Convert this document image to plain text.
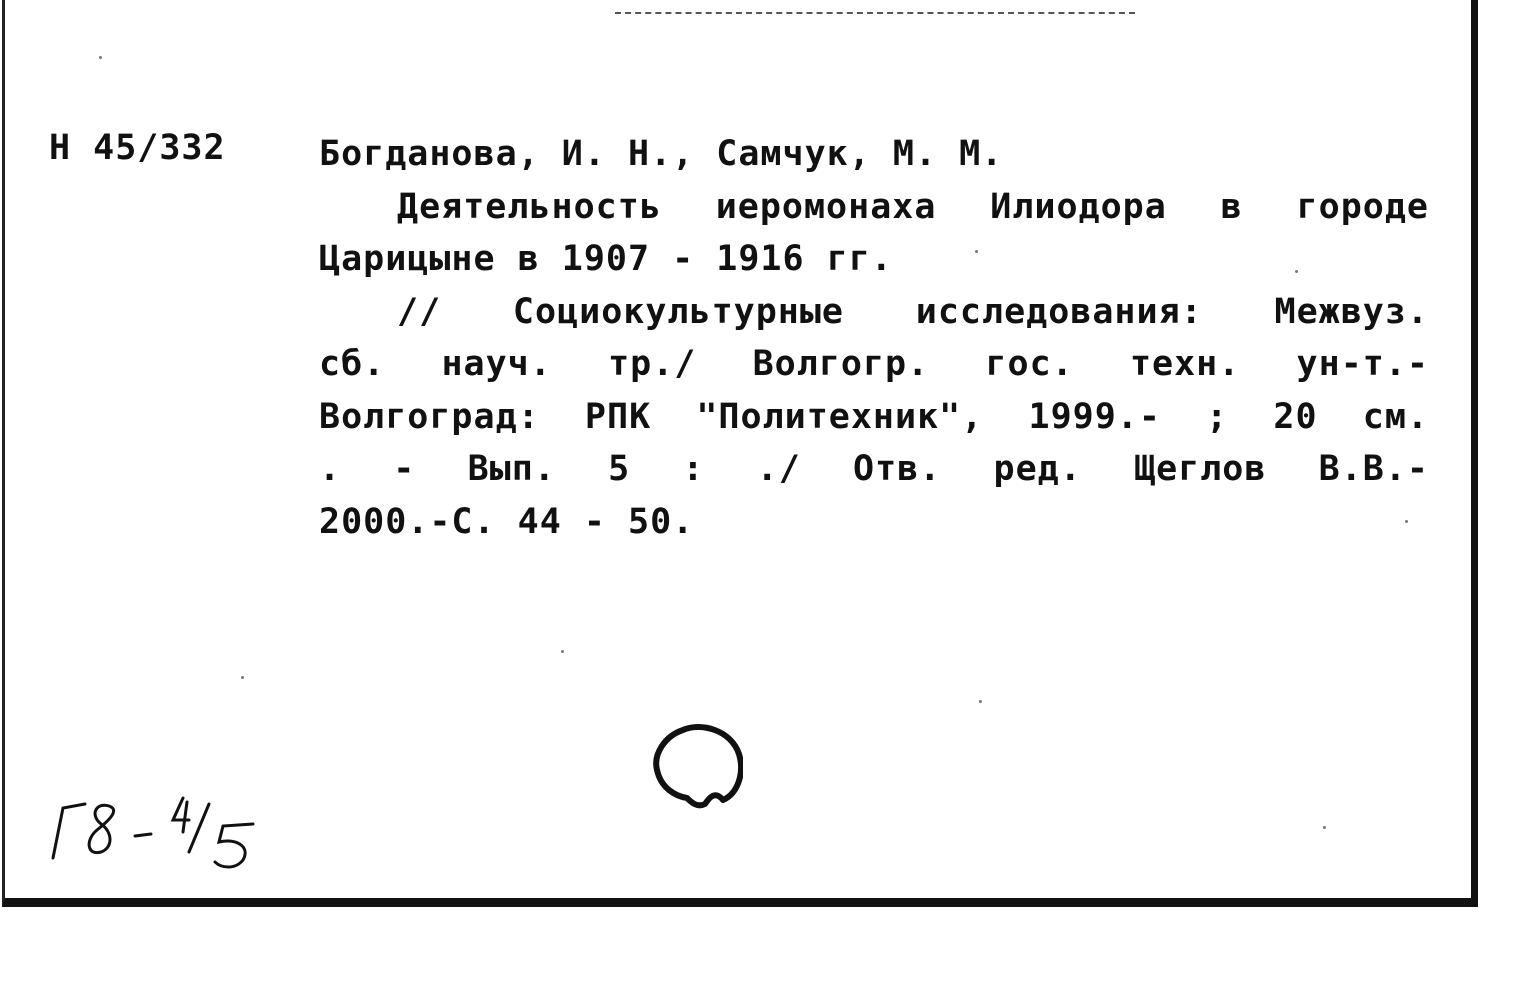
Н 45/332	Богданова, И. Н., Самчук, М. М.
Деятельность иеромонаха Илиодора в городе
Царицыне в 1907 - 1916 гг.
// Социокультурные исследования: Межвуз.
сб. науч. тр./ Волгогр. гос. техн. ун-т.-
Волгоград: РПК "Политехник", 1999.- ; 20 см.
. - Вып. 5 : ./ Отв. ред. Щеглов В.В.-
2000.-С. 44 - 50.
